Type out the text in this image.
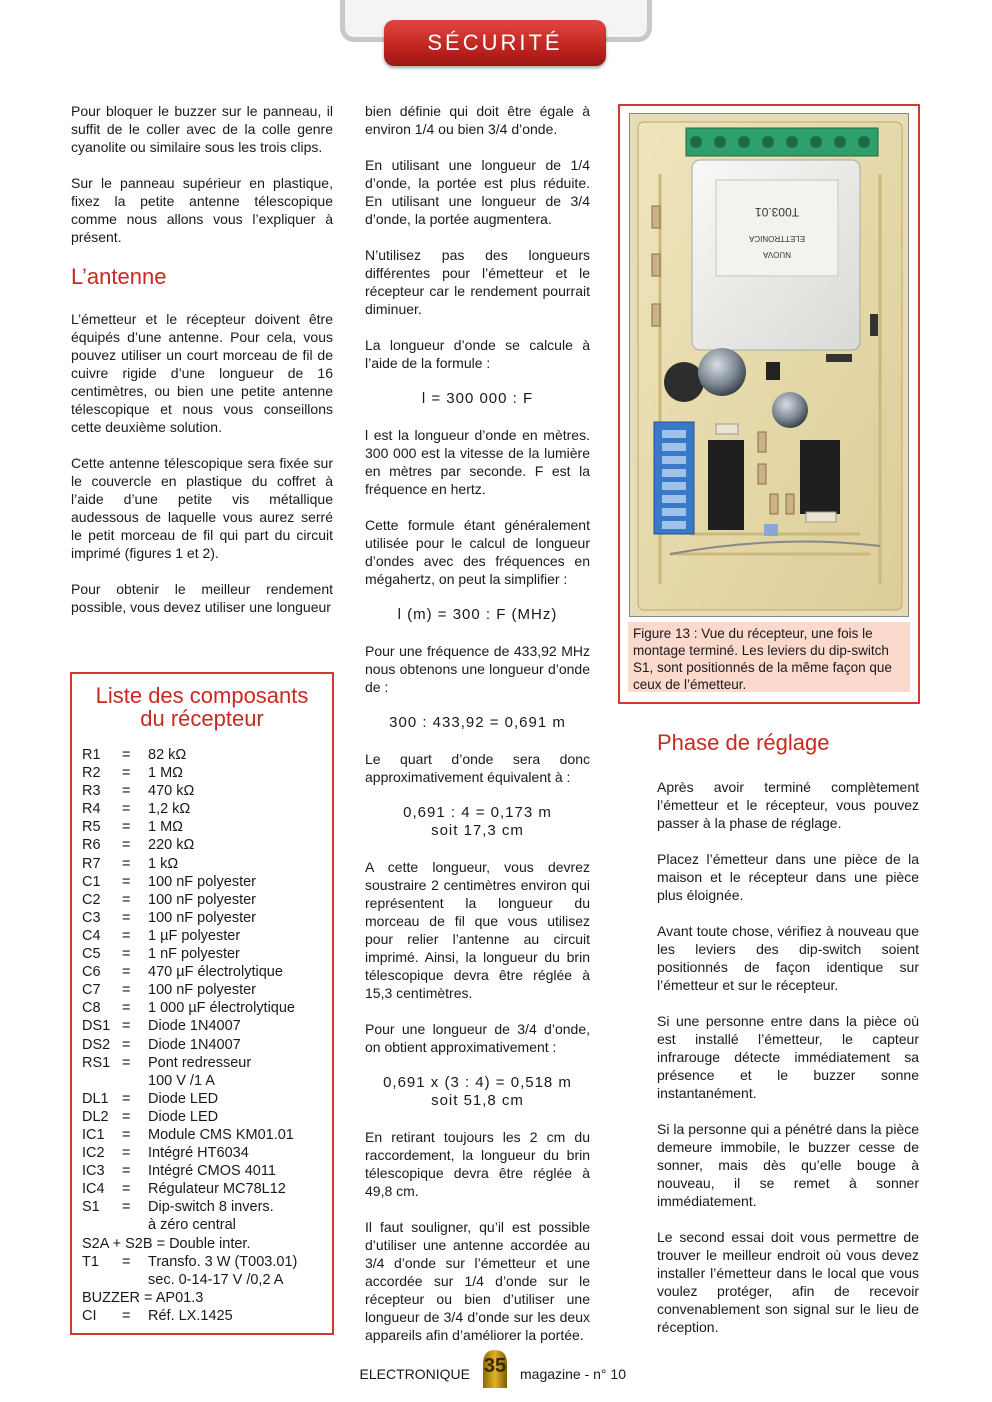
SÉCURITÉ

Pour bloquer le buzzer sur le panneau, il suffit de le coller avec de la colle genre cyanolite ou similaire sous les trois clips.

Sur le panneau supérieur en plastique, fixez la petite antenne télescopique comme nous allons vous l’expliquer à présent.

L’antenne

L’émetteur et le récepteur doivent être équipés d’une antenne. Pour cela, vous pouvez utiliser un court morceau de fil de cuivre rigide d’une longueur de 16 centimètres, ou bien une petite antenne télescopique et nous vous conseillons cette deuxième solution.

Cette antenne télescopique sera fixée sur le couvercle en plastique du coffret à l’aide d’une petite vis métallique audessous de laquelle vous aurez serré le petit morceau de fil qui part du circuit imprimé (figures 1 et 2).

Pour obtenir le meilleur rendement possible, vous devez utiliser une longueur

Liste des composants
du récepteur
R1	=	82 kΩ
R2	=	1 MΩ
R3	=	470 kΩ
R4	=	1,2 kΩ
R5	=	1 MΩ
R6	=	220 kΩ
R7	=	1 kΩ
C1	=	100 nF polyester
C2	=	100 nF polyester
C3	=	100 nF polyester
C4	=	1 µF polyester
C5	=	1 nF polyester
C6	=	470 µF électrolytique
C7	=	100 nF polyester
C8	=	1 000 µF électrolytique
DS1 =	Diode 1N4007
DS2 =	Diode 1N4007
RS1 =	Pont redresseur
100 V /1 A
DL1 =	Diode LED
DL2 =	Diode LED
IC1	=	Module CMS KM01.01
IC2	=	Intégré HT6034
IC3	=	Intégré CMOS 4011
IC4	=	Régulateur MC78L12
S1	=	Dip-switch 8 invers.
à zéro central
S2A + S2B = Double inter.
T1	=	Transfo. 3 W (T003.01)
sec. 0-14-17 V /0,2 A
BUZZER = AP01.3
CI	=	Réf. LX.1425

bien définie qui doit être égale à environ 1/4 ou bien 3/4 d’onde.

En utilisant une longueur de 1/4 d’onde, la portée est plus réduite. En utilisant une longueur de 3/4 d’onde, la portée augmentera.

N’utilisez pas des longueurs différentes pour l’émetteur et le récepteur car le rendement pourrait diminuer.

La longueur d’onde se calcule à l’aide de la formule :

l = 300 000 : F

l est la longueur d’onde en mètres. 300 000 est la vitesse de la lumière en mètres par seconde. F est la fréquence en hertz.

Cette formule étant généralement utilisée pour le calcul de longueur d’ondes avec des fréquences en mégahertz, on peut la simplifier :

l (m) = 300 : F (MHz)

Pour une fréquence de 433,92 MHz nous obtenons une longueur d’onde de :

300 : 433,92 = 0,691 m

Le quart d’onde sera donc approximativement équivalent à :

0,691 : 4 = 0,173 m
soit 17,3 cm

A cette longueur, vous devrez soustraire 2 centimètres environ qui représentent la longueur du morceau de fil que vous utilisez pour relier l’antenne au circuit imprimé. Ainsi, la longueur du brin télescopique devra être réglée à 15,3 centimètres.

Pour une longueur de 3/4 d’onde, on obtient approximativement :

0,691 x (3 : 4) = 0,518 m
soit 51,8 cm

En retirant toujours les 2 cm du raccordement, la longueur du brin télescopique devra être réglée à 49,8 cm.

Il faut souligner, qu’il est possible d’utiliser une antenne accordée au 3/4 d’onde sur l’émetteur et une accordée sur 1/4 d’onde sur le récepteur ou bien d’utiliser une longueur de 3/4 d’onde sur les deux appareils afin d’améliorer la portée.

T003.01
ELETTRONICA
NUOVA
Figure 13 : Vue du récepteur, une fois le montage terminé. Les leviers du dip-switch S1, sont positionnés de la même façon que ceux de l’émetteur.
Phase de réglage

Après avoir terminé complètement l’émetteur et le récepteur, vous pouvez passer à la phase de réglage.

Placez l’émetteur dans une pièce de la maison et le récepteur dans une pièce plus éloignée.

Avant toute chose, vérifiez à nouveau que les leviers des dip-switch soient positionnés de façon identique sur l’émetteur et sur le récepteur.

Si une personne entre dans la pièce où est installé l’émetteur, le capteur infrarouge détecte immédiatement sa présence et le buzzer sonne instantanément.

Si la personne qui a pénétré dans la pièce demeure immobile, le buzzer cesse de sonner, mais dès qu’elle bouge à nouveau, il se remet à sonner immédiatement.

Le second essai doit vous permettre de trouver le meilleur endroit où vous devez installer l’émetteur dans le local que vous voulez protéger, afin de recevoir convenablement son signal sur le lieu de réception.

ELECTRONIQUE 35 magazine - n° 10
